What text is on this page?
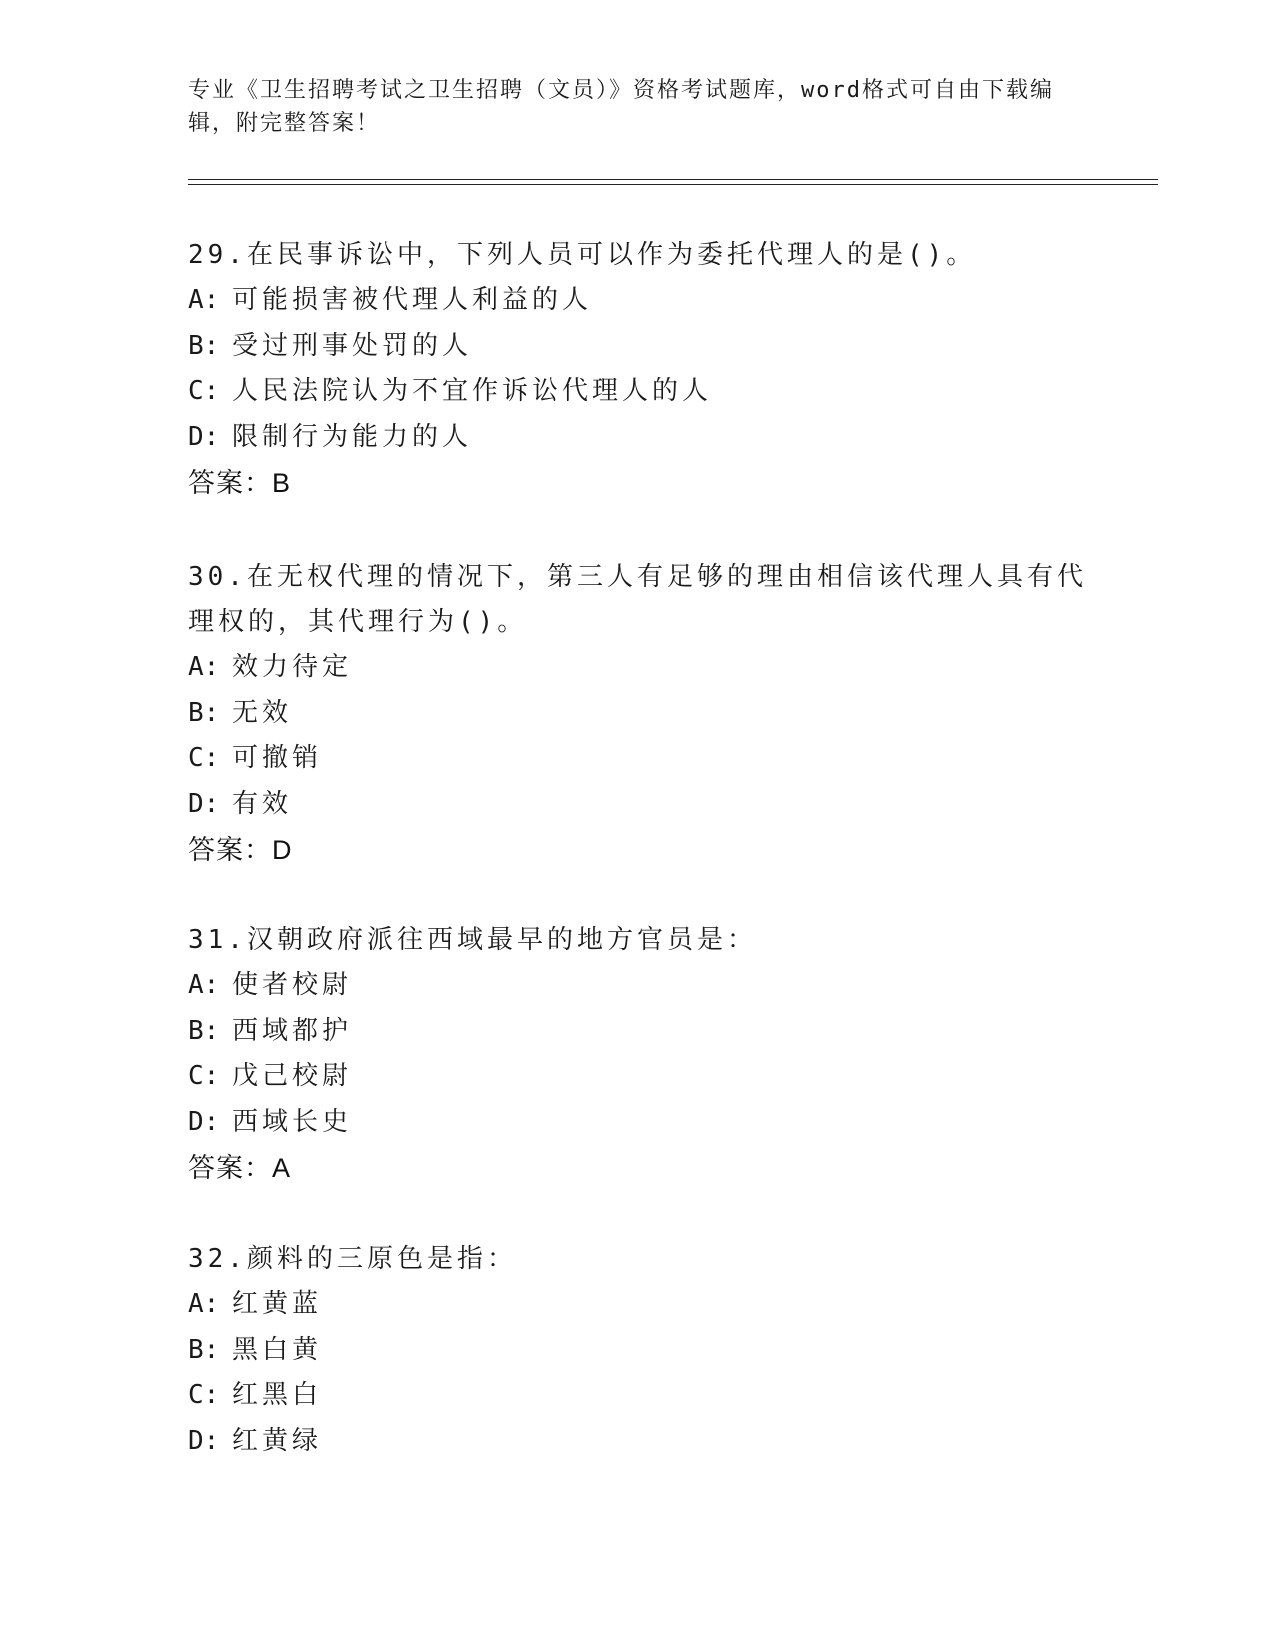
专业《卫生招聘考试之卫生招聘（文员）》资格考试题库，word格式可自由下载编辑，附完整答案！
29.在民事诉讼中，下列人员可以作为委托代理人的是()。
A: 可能损害被代理人利益的人
B: 受过刑事处罚的人
C: 人民法院认为不宜作诉讼代理人的人
D: 限制行为能力的人
答案：B
30.在无权代理的情况下，第三人有足够的理由相信该代理人具有代理权的，其代理行为()。
A: 效力待定
B: 无效
C: 可撤销
D: 有效
答案：D
31.汉朝政府派往西域最早的地方官员是：
A: 使者校尉
B: 西域都护
C: 戊己校尉
D: 西域长史
答案：A
32.颜料的三原色是指：
A: 红黄蓝
B: 黑白黄
C: 红黑白
D: 红黄绿
